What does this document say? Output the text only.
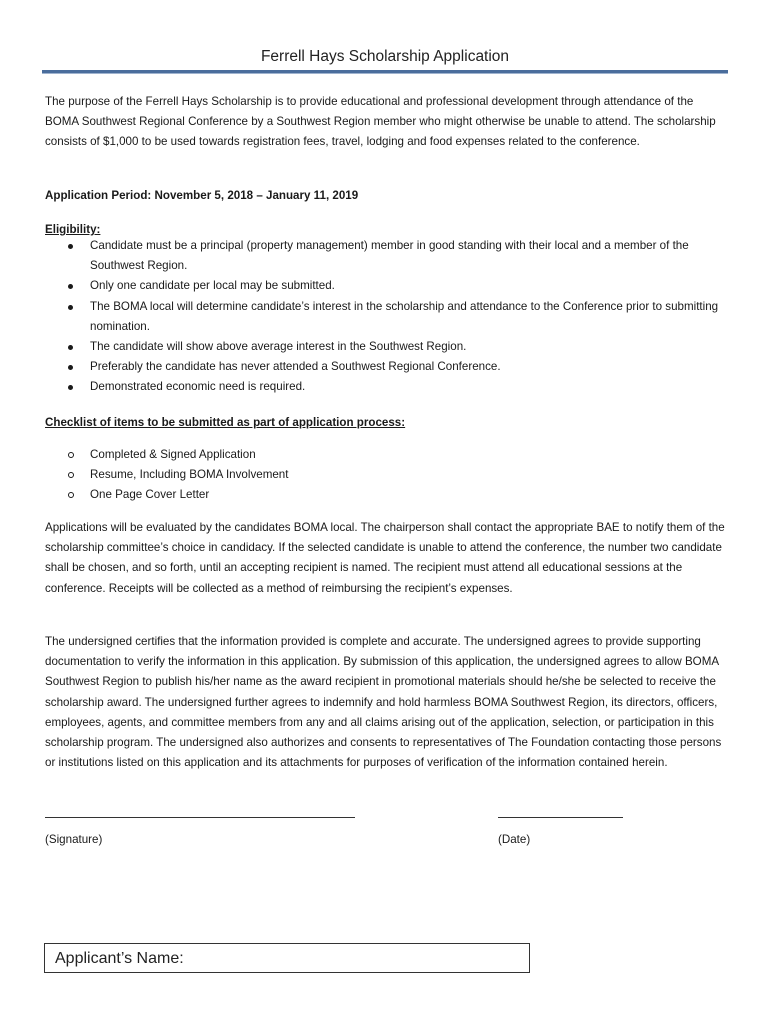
Ferrell Hays Scholarship Application

The purpose of the Ferrell Hays Scholarship is to provide educational and professional development through attendance of the BOMA Southwest Regional Conference by a Southwest Region member who might otherwise be unable to attend. The scholarship consists of $1,000 to be used towards registration fees, travel, lodging and food expenses related to the conference.

Application Period: November 5, 2018 – January 11, 2019

Eligibility:

Candidate must be a principal (property management) member in good standing with their local and a member of the Southwest Region.
Only one candidate per local may be submitted.
The BOMA local will determine candidate’s interest in the scholarship and attendance to the Conference prior to submitting nomination.
The candidate will show above average interest in the Southwest Region.
Preferably the candidate has never attended a Southwest Regional Conference.
Demonstrated economic need is required.

Checklist of items to be submitted as part of application process:

Completed & Signed Application
Resume, Including BOMA Involvement
One Page Cover Letter

Applications will be evaluated by the candidates BOMA local. The chairperson shall contact the appropriate BAE to notify them of the scholarship committee’s choice in candidacy. If the selected candidate is unable to attend the conference, the number two candidate shall be chosen, and so forth, until an accepting recipient is named. The recipient must attend all educational sessions at the conference. Receipts will be collected as a method of reimbursing the recipient’s expenses.

The undersigned certifies that the information provided is complete and accurate. The undersigned agrees to provide supporting documentation to verify the information in this application. By submission of this application, the undersigned agrees to allow BOMA Southwest Region to publish his/her name as the award recipient in promotional materials should he/she be selected to receive the scholarship award. The undersigned further agrees to indemnify and hold harmless BOMA Southwest Region, its directors, officers, employees, agents, and committee members from any and all claims arising out of the application, selection, or participation in this scholarship program. The undersigned also authorizes and consents to representatives of The Foundation contacting those persons or institutions listed on this application and its attachments for purposes of verification of the information contained herein.

(Signature)	(Date)
Applicant’s Name:
